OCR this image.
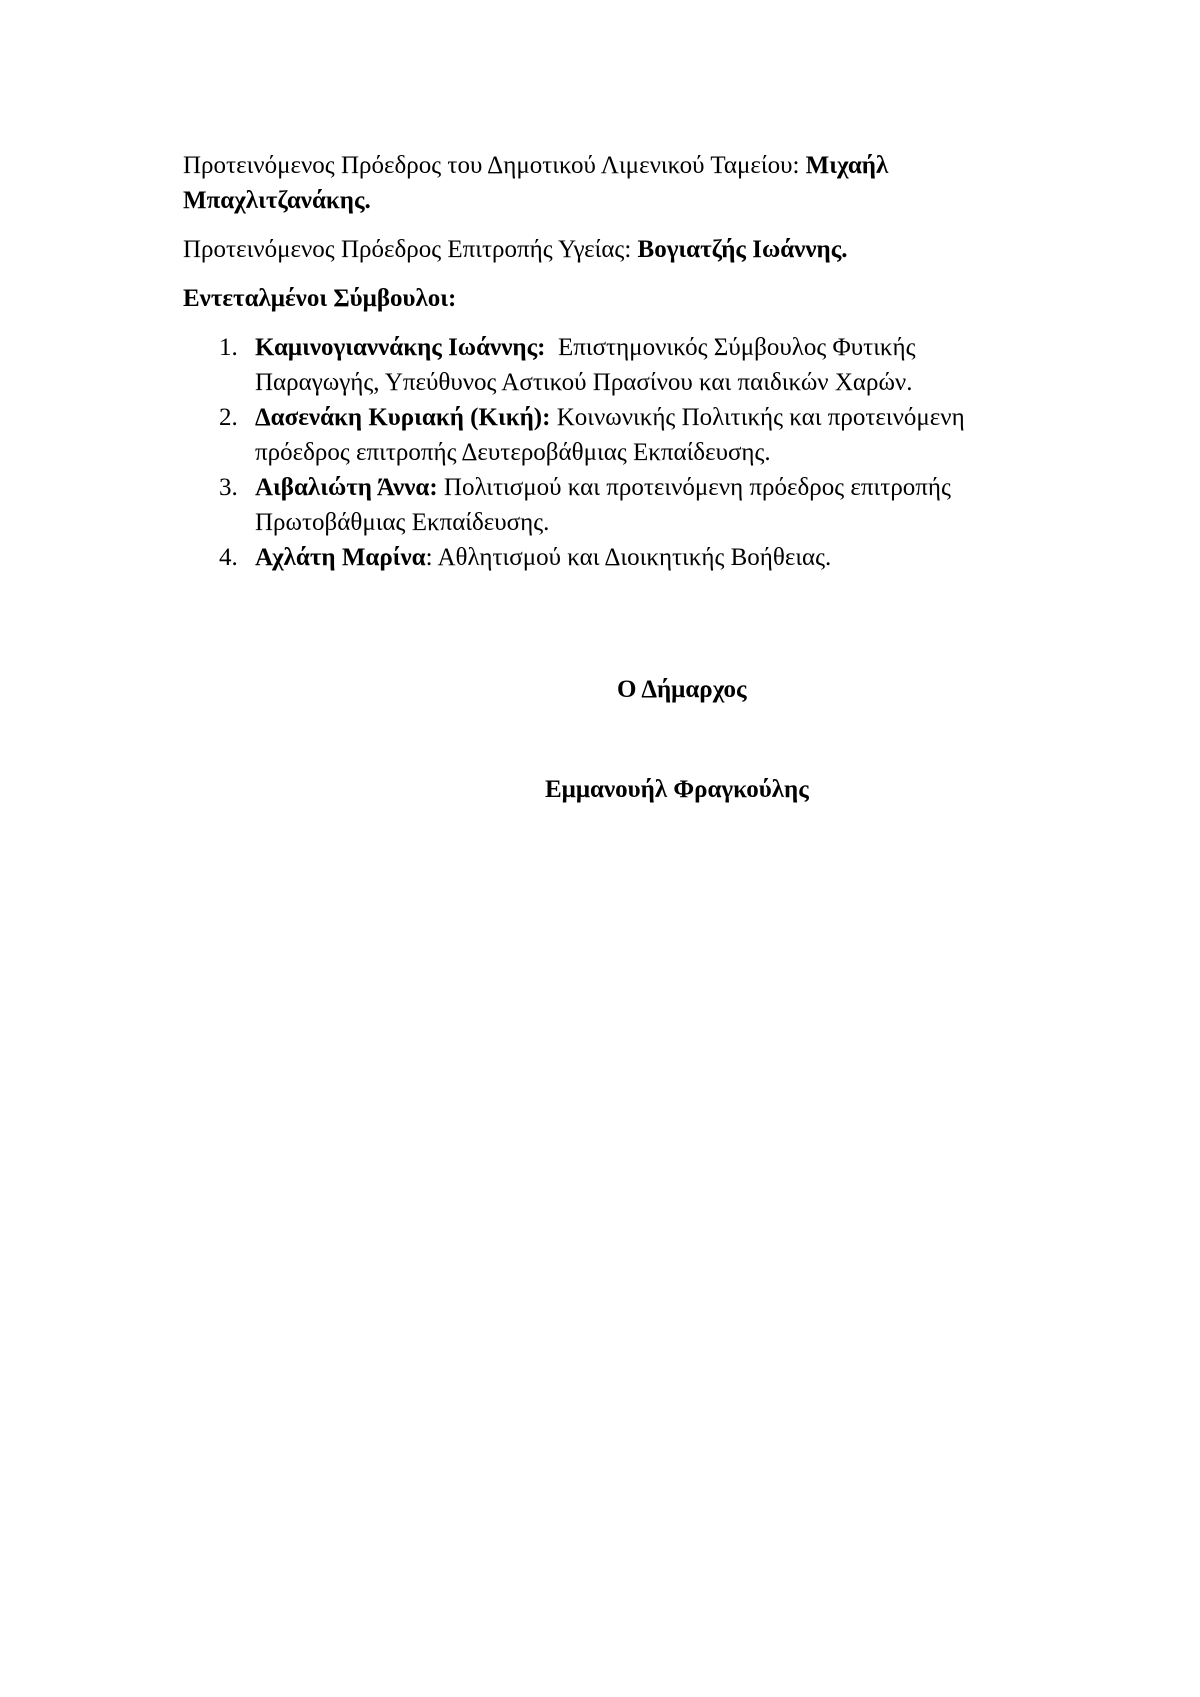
Προτεινόμενος Πρόεδρος του Δημοτικού Λιμενικού Ταμείου: Μιχαήλ Μπαχλιτζανάκης.

Προτεινόμενος Πρόεδρος Επιτροπής Υγείας: Βογιατζής Ιωάννης.

Εντεταλμένοι Σύμβουλοι:

1. Καμινογιαννάκης Ιωάννης:  Επιστημονικός Σύμβουλος Φυτικής Παραγωγής, Υπεύθυνος Αστικού Πρασίνου και παιδικών Χαρών.
2. Δασενάκη Κυριακή (Κική): Κοινωνικής Πολιτικής και προτεινόμενη πρόεδρος επιτροπής Δευτεροβάθμιας Εκπαίδευσης.
3. Αιβαλιώτη Άννα: Πολιτισμού και προτεινόμενη πρόεδρος επιτροπής  Πρωτοβάθμιας Εκπαίδευσης.
4. Αχλάτη Μαρίνα: Αθλητισμού και Διοικητικής Βοήθειας.
Ο Δήμαρχος
Εμμανουήλ Φραγκούλης
